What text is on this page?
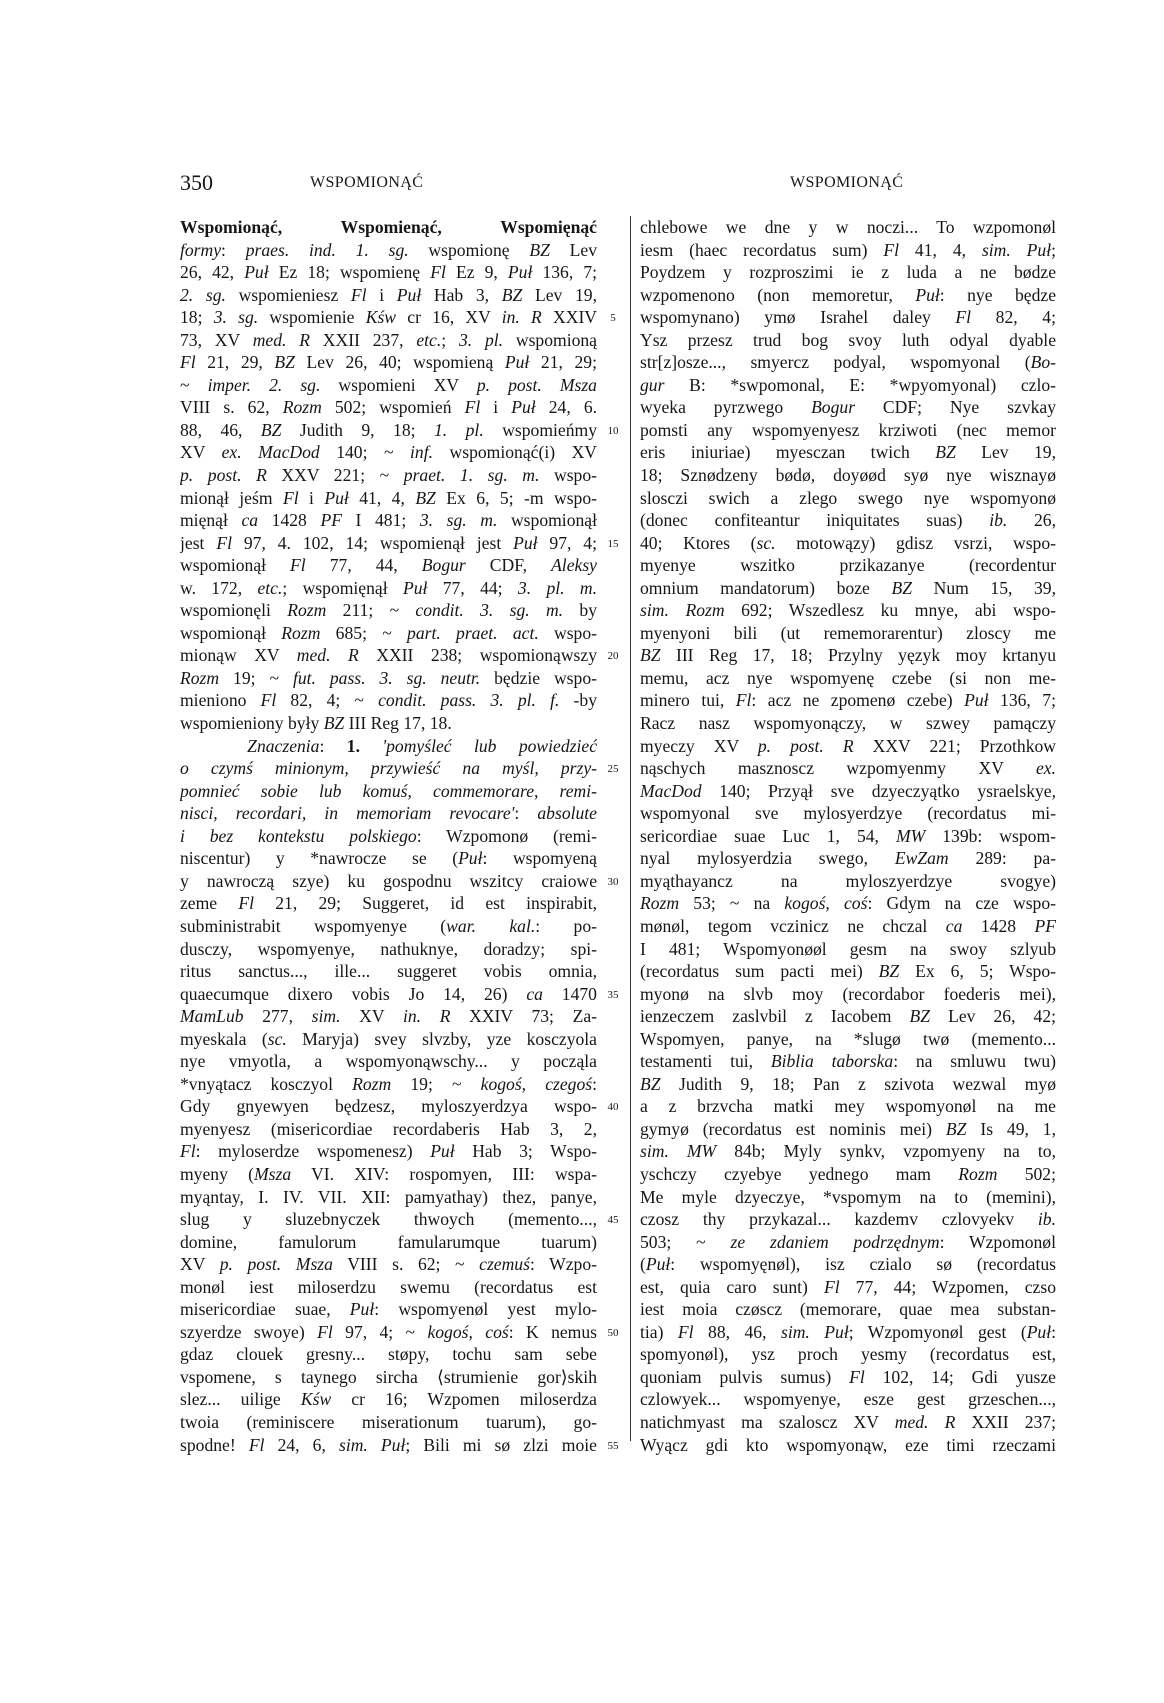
350	WSPOMIONĄĆ	WSPOMIONĄĆ
Wspomionąć, Wspomienąć, Wspomięnąć
formy: praes. ind. 1. sg. wspomionę BZ Lev
26, 42, Puł Ez 18; wspomienę Fl Ez 9, Puł 136, 7;
2. sg. wspomieniesz Fl i Puł Hab 3, BZ Lev 19,
18; 3. sg. wspomienie Kśw cr 16, XV in. R XXIV
73, XV med. R XXII 237, etc.; 3. pl. wspomioną
Fl 21, 29, BZ Lev 26, 40; wspomieną Puł 21, 29;
~ imper. 2. sg. wspomieni XV p. post. Msza
VIII s. 62, Rozm 502; wspomień Fl i Puł 24, 6.
88, 46, BZ Judith 9, 18; 1. pl. wspomieńmy
XV ex. MacDod 140; ~ inf. wspomionąć(i) XV
p. post. R XXV 221; ~ praet. 1. sg. m. wspo-
mionął jeśm Fl i Puł 41, 4, BZ Ex 6, 5; -m wspo-
mięnął ca 1428 PF I 481; 3. sg. m. wspomionął
jest Fl 97, 4. 102, 14; wspomienął jest Puł 97, 4;
wspomionął Fl 77, 44, Bogur CDF, Aleksy
w. 172, etc.; wspomięnął Puł 77, 44; 3. pl. m.
wspomionęli Rozm 211; ~ condit. 3. sg. m. by
wspomionął Rozm 685; ~ part. praet. act. wspo-
mionąw XV med. R XXII 238; wspomionąwszy
Rozm 19; ~ fut. pass. 3. sg. neutr. będzie wspo-
mieniono Fl 82, 4; ~ condit. pass. 3. pl. f. -by
wspomieniony były BZ III Reg 17, 18.
Znaczenia: 1. 'pomyśleć lub powiedzieć
o czymś minionym, przywieść na myśl, przy-
pomnieć sobie lub komuś, commemorare, remi-
nisci, recordari, in memoriam revocare': absolute
i bez kontekstu polskiego: Wzpomonø (remi-
niscentur) y *nawrocze se (Puł: wspomyeną
y nawroczą szye) ku gospodnu wszitcy craiowe
zeme Fl 21, 29; Suggeret, id est inspirabit,
subministrabit wspomyenye (war. kal.: po-
dusczy, wspomyenye, nathuknye, doradzy; spi-
ritus sanctus..., ille... suggeret vobis omnia,
quaecumque dixero vobis Jo 14, 26) ca 1470
MamLub 277, sim. XV in. R XXIV 73; Za-
myeskala (sc. Maryja) svey slvzby, yze kosczyola
nye vmyotla, a wspomyonąwschy... y począla
*vnyątacz kosczyol Rozm 19; ~ kogoś, czegoś:
Gdy gnyewyen będzesz, myloszyerdzya wspo-
myenyesz (misericordiae recordaberis Hab 3, 2,
Fl: myloserdze wspomenesz) Puł Hab 3; Wspo-
myeny (Msza VI. XIV: rospomyen, III: wspa-
myąntay, I. IV. VII. XII: pamyathay) thez, panye,
slug y sluzebnyczek thwoych (memento...,
domine, famulorum famularumque tuarum)
XV p. post. Msza VIII s. 62; ~ czemuś: Wzpo-
monøl iest miloserdzu swemu (recordatus est
misericordiae suae, Puł: wspomyenøl yest mylo-
szyerdze swoye) Fl 97, 4; ~ kogoś, coś: K nemus
gdaz clouek gresny... støpy, tochu sam sebe
vspomene, s taynego sircha ⟨strumienie gor⟩skih
slez... uilige Kśw cr 16; Wzpomen miloserdza
twoia (reminiscere miserationum tuarum), go-
spodne! Fl 24, 6, sim. Puł; Bili mi sø zlzi moie
5
10
15
20
25
30
35
40
45
50
55
chlebowe we dne y w noczi... To wzpomonøl
iesm (haec recordatus sum) Fl 41, 4, sim. Puł;
Poydzem y rozproszimi ie z luda a ne bødze
wzpomenono (non memoretur, Puł: nye będze
wspomynano) ymø Israhel daley Fl 82, 4;
Ysz przesz trud bog svoy luth odyal dyable
str[z]osze..., smyercz podyal, wspomyonal (Bo-
gur B: *swpomonal, E: *wpyomyonal) czlo-
wyeka pyrzwego Bogur CDF; Nye szvkay
pomsti any wspomyenyesz krziwoti (nec memor
eris iniuriae) myesczan twich BZ Lev 19,
18; Sznødzeny bødø, doyøød syø nye wisznayø
slosczi swich a zlego swego nye wspomyonø
(donec confiteantur iniquitates suas) ib. 26,
40; Ktores (sc. motowązy) gdisz vsrzi, wspo-
myenye wszitko przikazanye (recordentur
omnium mandatorum) boze BZ Num 15, 39,
sim. Rozm 692; Wszedlesz ku mnye, abi wspo-
myenyoni bili (ut rememorarentur) zloscy me
BZ III Reg 17, 18; Przylny yęzyk moy krtanyu
memu, acz nye wspomyenę czebe (si non me-
minero tui, Fl: acz ne zpomenø czebe) Puł 136, 7;
Racz nasz wspomyonączy, w szwey pamączy
myeczy XV p. post. R XXV 221; Przothkow
nąschych masznoscz wzpomyenmy XV ex.
MacDod 140; Przyął sve dzyeczyątko ysraelskye,
wspomyonal sve mylosyerdzye (recordatus mi-
sericordiae suae Luc 1, 54, MW 139b: wspom-
nyal mylosyerdzia swego, EwZam 289: pa-
myąthayancz na myloszyerdzye svogye)
Rozm 53; ~ na kogoś, coś: Gdym na cze wspo-
mønøl, tegom vczinicz ne chczal ca 1428 PF
I 481; Wspomyonøøl gesm na swoy szlyub
(recordatus sum pacti mei) BZ Ex 6, 5; Wspo-
myonø na slvb moy (recordabor foederis mei),
ienzeczem zaslvbil z Iacobem BZ Lev 26, 42;
Wspomyen, panye, na *slugø twø (memento...
testamenti tui, Biblia taborska: na smluwu twu)
BZ Judith 9, 18; Pan z szivota wezwal myø
a z brzvcha matki mey wspomyonøl na me
gymyø (recordatus est nominis mei) BZ Is 49, 1,
sim. MW 84b; Myly synkv, vzpomyeny na to,
yschczy czyebye yednego mam Rozm 502;
Me myle dzyeczye, *vspomym na to (memini),
czosz thy przykazal... kazdemv czlovyekv ib.
503; ~ ze zdaniem podrzędnym: Wzpomonøl
(Puł: wspomyęnøl), isz czialo sø (recordatus
est, quia caro sunt) Fl 77, 44; Wzpomen, czso
iest moia czøscz (memorare, quae mea substan-
tia) Fl 88, 46, sim. Puł; Wzpomyonøl gest (Puł:
spomyonøl), ysz proch yesmy (recordatus est,
quoniam pulvis sumus) Fl 102, 14; Gdi yusze
czlowyek... wspomyenye, esze gest grzeschen...,
natichmyast ma szaloscz XV med. R XXII 237;
Wyącz gdi kto wspomyonąw, eze timi rzeczami
